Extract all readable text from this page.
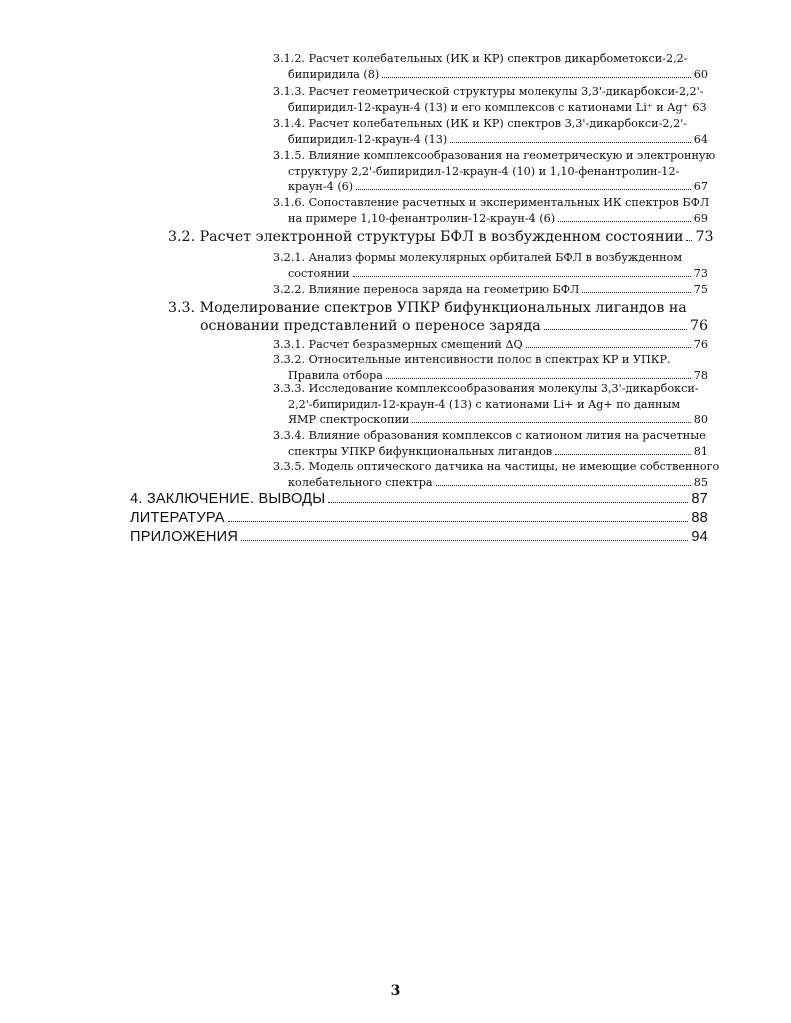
3.1.2. Расчет колебательных (ИК и КР) спектров дикарбометокси-2,2-
бипиридила (8)	60
3.1.3. Расчет геометрической структуры молекулы 3,3'-дикарбокси-2,2'-
бипиридил-12-краун-4 (13) и его комплексов с катионами Li⁺ и Ag⁺ 63
3.1.4. Расчет колебательных (ИК и КР) спектров 3,3'-дикарбокси-2,2'-
бипиридил-12-краун-4 (13)	64
3.1.5. Влияние комплексообразования на геометрическую и электронную
структуру 2,2'-бипиридил-12-краун-4 (10) и 1,10-фенантролин-12-
краун-4 (6)	67
3.1.6. Сопоставление расчетных и экспериментальных ИК спектров БФЛ
на примере 1,10-фенантролин-12-краун-4 (6)	69
3.2. Расчет электронной структуры БФЛ в возбужденном состоянии 73
3.2.1. Анализ формы молекулярных орбиталей БФЛ в возбужденном
состоянии	73
3.2.2. Влияние переноса заряда на геометрию БФЛ	75
3.3. Моделирование спектров УПКР бифункциональных лигандов на
основании представлений о переносе заряда	76
3.3.1. Расчет безразмерных смещений ΔQ	76
3.3.2. Относительные интенсивности полос в спектрах КР и УПКР.
Правила отбора	78
3.3.3. Исследование комплексообразования молекулы 3,3'-дикарбокси-
2,2'-бипиридил-12-краун-4 (13) с катионами Li+ и Ag+ по данным
ЯМР спектроскопии	80
3.3.4. Влияние образования комплексов с катионом лития на расчетные
спектры УПКР бифункциональных лигандов	81
3.3.5. Модель оптического датчика на частицы, не имеющие собственного
колебательного спектра	85
4. ЗАКЛЮЧЕНИЕ. ВЫВОДЫ	87
ЛИТЕРАТУРА	88
ПРИЛОЖЕНИЯ	94
3
